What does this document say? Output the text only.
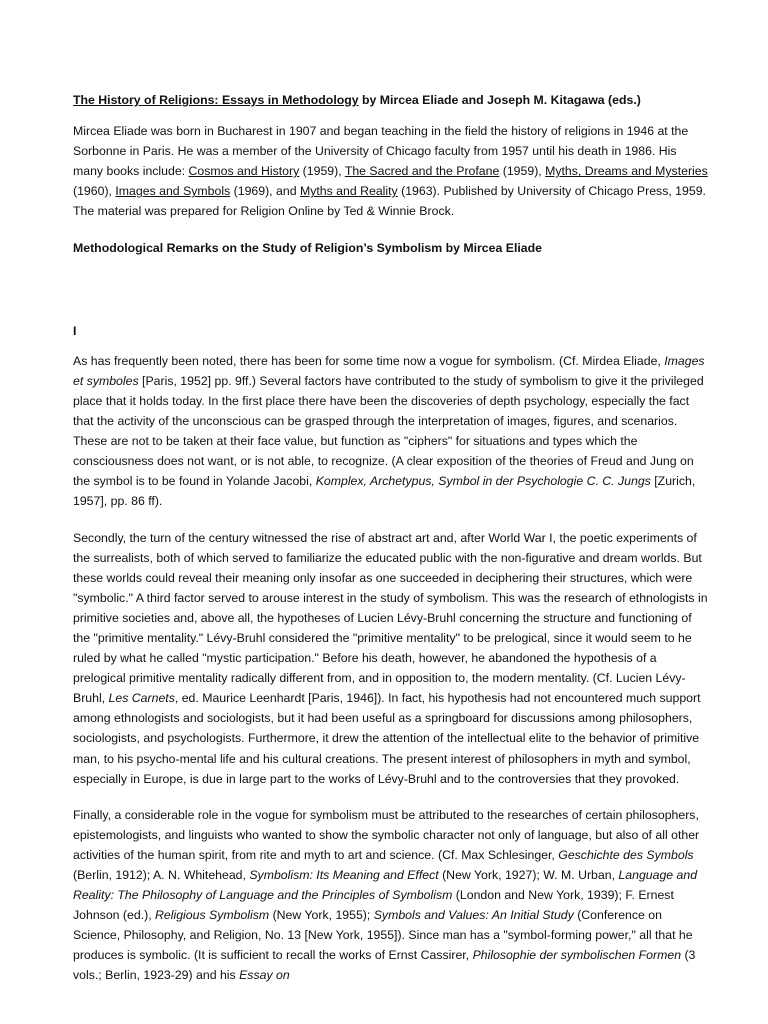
The History of Religions: Essays in Methodology by Mircea Eliade and Joseph M. Kitagawa (eds.)

Mircea Eliade was born in Bucharest in 1907 and began teaching in the field the history of religions in 1946 at the Sorbonne in Paris. He was a member of the University of Chicago faculty from 1957 until his death in 1986. His many books include: Cosmos and History (1959), The Sacred and the Profane (1959), Myths, Dreams and Mysteries (1960), Images and Symbols (1969), and Myths and Reality (1963). Published by University of Chicago Press, 1959. The material was prepared for Religion Online by Ted & Winnie Brock.

Methodological Remarks on the Study of Religion’s Symbolism by Mircea Eliade

I

As has frequently been noted, there has been for some time now a vogue for symbolism. (Cf. Mirdea Eliade, Images et symboles [Paris, 1952] pp. 9ff.) Several factors have contributed to the study of symbolism to give it the privileged place that it holds today. In the first place there have been the discoveries of depth psychology, especially the fact that the activity of the unconscious can be grasped through the interpretation of images, figures, and scenarios. These are not to be taken at their face value, but function as "ciphers" for situations and types which the consciousness does not want, or is not able, to recognize. (A clear exposition of the theories of Freud and Jung on the symbol is to be found in Yolande Jacobi, Komplex, Archetypus, Symbol in der Psychologie C. C. Jungs [Zurich, 1957], pp. 86 ff).

Secondly, the turn of the century witnessed the rise of abstract art and, after World War I, the poetic experiments of the surrealists, both of which served to familiarize the educated public with the non-figurative and dream worlds. But these worlds could reveal their meaning only insofar as one succeeded in deciphering their structures, which were "symbolic." A third factor served to arouse interest in the study of symbolism. This was the research of ethnologists in primitive societies and, above all, the hypotheses of Lucien Lévy-Bruhl concerning the structure and functioning of the "primitive mentality." Lévy-Bruhl considered the "primitive mentality" to be prelogical, since it would seem to he ruled by what he called "mystic participation." Before his death, however, he abandoned the hypothesis of a prelogical primitive mentality radically different from, and in opposition to, the modern mentality. (Cf. Lucien Lévy-Bruhl, Les Carnets, ed. Maurice Leenhardt [Paris, 1946]). In fact, his hypothesis had not encountered much support among ethnologists and sociologists, but it had been useful as a springboard for discussions among philosophers, sociologists, and psychologists. Furthermore, it drew the attention of the intellectual elite to the behavior of primitive man, to his psycho-mental life and his cultural creations. The present interest of philosophers in myth and symbol, especially in Europe, is due in large part to the works of Lévy-Bruhl and to the controversies that they provoked.

Finally, a considerable role in the vogue for symbolism must be attributed to the researches of certain philosophers, epistemologists, and linguists who wanted to show the symbolic character not only of language, but also of all other activities of the human spirit, from rite and myth to art and science. (Cf. Max Schlesinger, Geschichte des Symbols (Berlin, 1912); A. N. Whitehead, Symbolism: Its Meaning and Effect (New York, 1927); W. M. Urban, Language and Reality: The Philosophy of Language and the Principles of Symbolism (London and New York, 1939); F. Ernest Johnson (ed.), Religious Symbolism (New York, 1955); Symbols and Values: An Initial Study (Conference on Science, Philosophy, and Religion, No. 13 [New York, 1955]). Since man has a "symbol-forming power," all that he produces is symbolic. (It is sufficient to recall the works of Ernst Cassirer, Philosophie der symbolischen Formen (3 vols.; Berlin, 1923-29) and his Essay on
